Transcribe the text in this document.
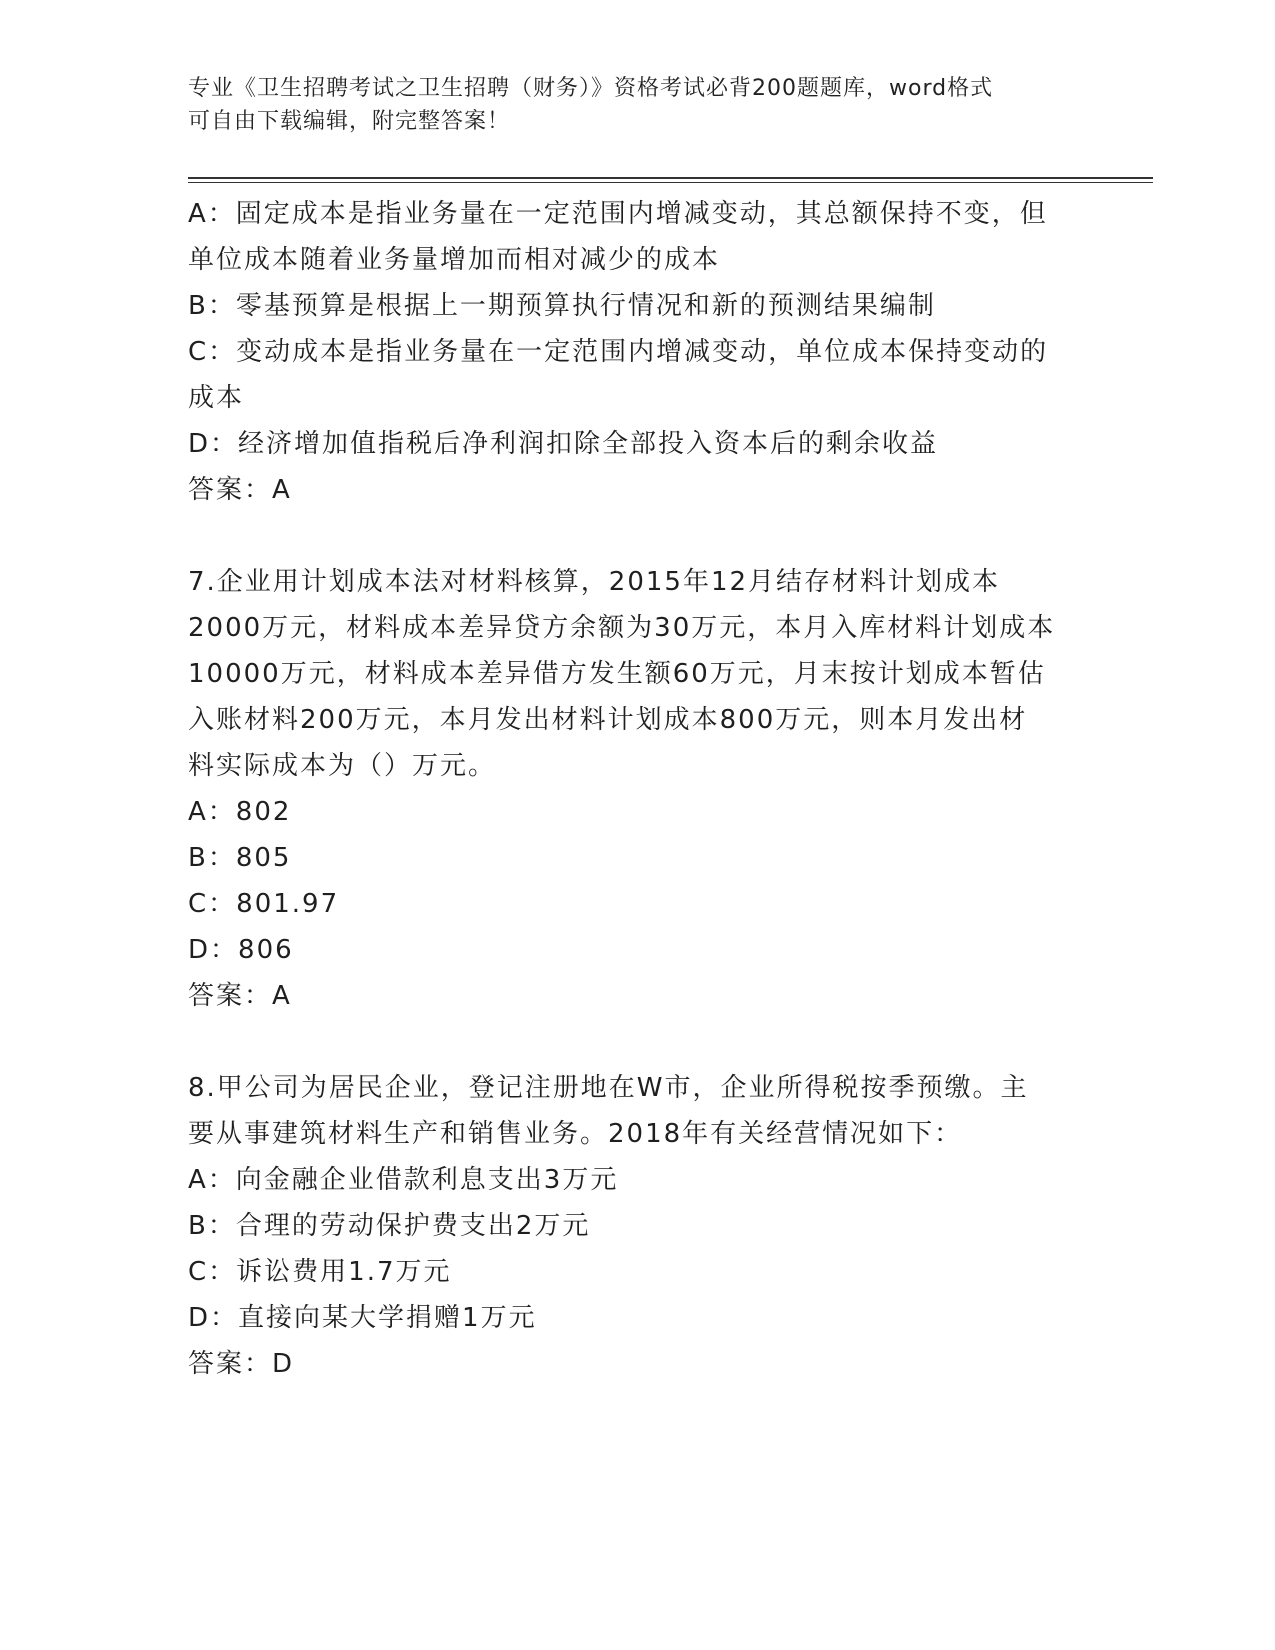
专业《卫生招聘考试之卫生招聘（财务）》资格考试必背200题题库，word格式
可自由下载编辑，附完整答案！
A：固定成本是指业务量在一定范围内增减变动，其总额保持不变，但
单位成本随着业务量增加而相对减少的成本
B：零基预算是根据上一期预算执行情况和新的预测结果编制
C：变动成本是指业务量在一定范围内增减变动，单位成本保持变动的
成本
D：经济增加值指税后净利润扣除全部投入资本后的剩余收益
答案：A
7.企业用计划成本法对材料核算，2015年12月结存材料计划成本
2000万元，材料成本差异贷方余额为30万元，本月入库材料计划成本
10000万元，材料成本差异借方发生额60万元，月末按计划成本暂估
入账材料200万元，本月发出材料计划成本800万元，则本月发出材
料实际成本为（）万元。
A：802
B：805
C：801.97
D：806
答案：A
8.甲公司为居民企业，登记注册地在W市，企业所得税按季预缴。主
要从事建筑材料生产和销售业务。2018年有关经营情况如下：
A：向金融企业借款利息支出3万元
B：合理的劳动保护费支出2万元
C：诉讼费用1.7万元
D：直接向某大学捐赠1万元
答案：D
